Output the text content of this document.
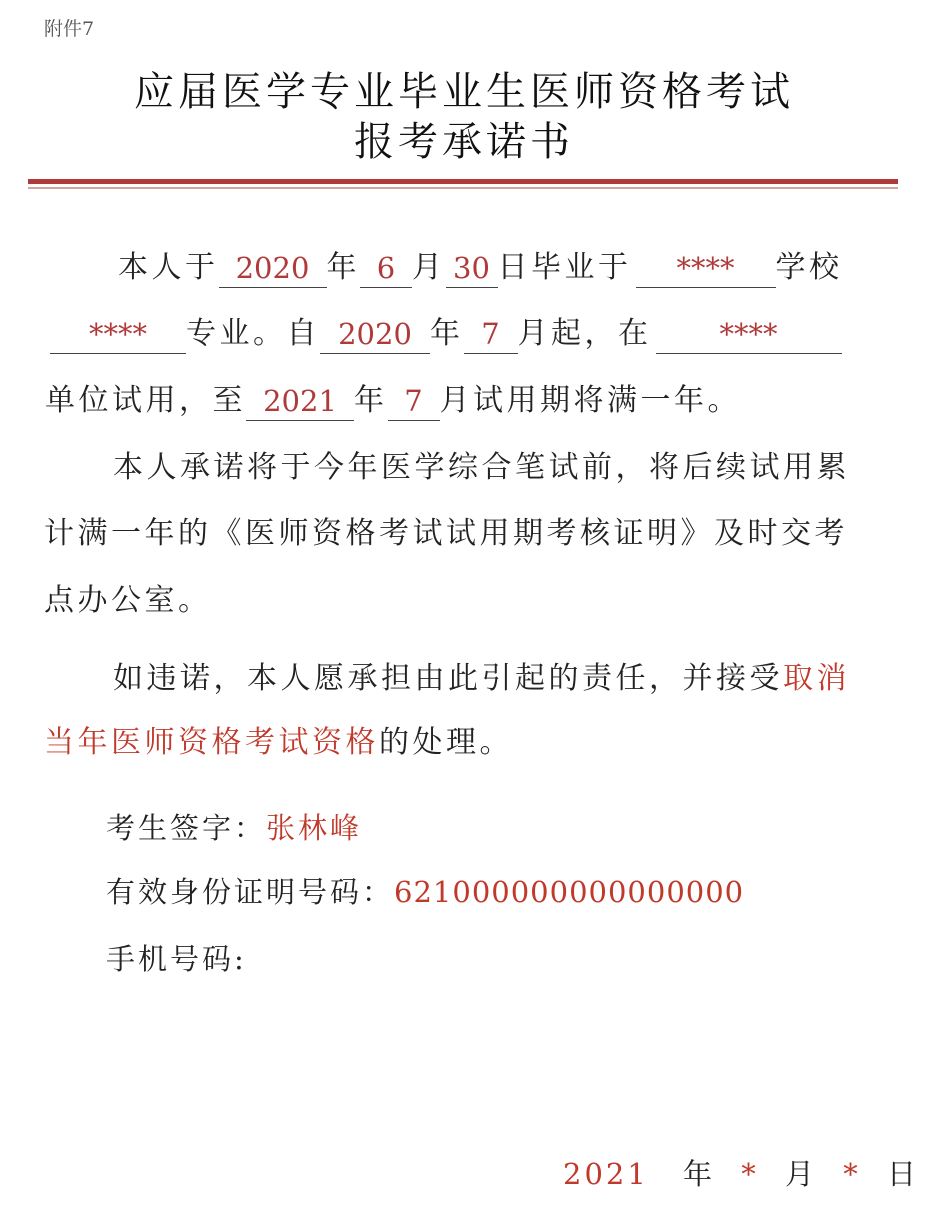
附件7
应届医学专业毕业生医师资格考试
报考承诺书
本人于 2020 年 6 月 30 日毕业于 **** 学校
**** 专业。自 2020 年 7 月起，在 ****
单位试用，至 2021 年 7 月试用期将满一年。
本人承诺将于今年医学综合笔试前，将后续试用累
计满一年的《医师资格考试试用期考核证明》及时交考
点办公室。
如违诺，本人愿承担由此引起的责任，并接受取消
当年医师资格考试资格的处理。
考生签字：张林峰
有效身份证明号码：621000000000000000
手机号码:
2021 年 * 月 * 日
